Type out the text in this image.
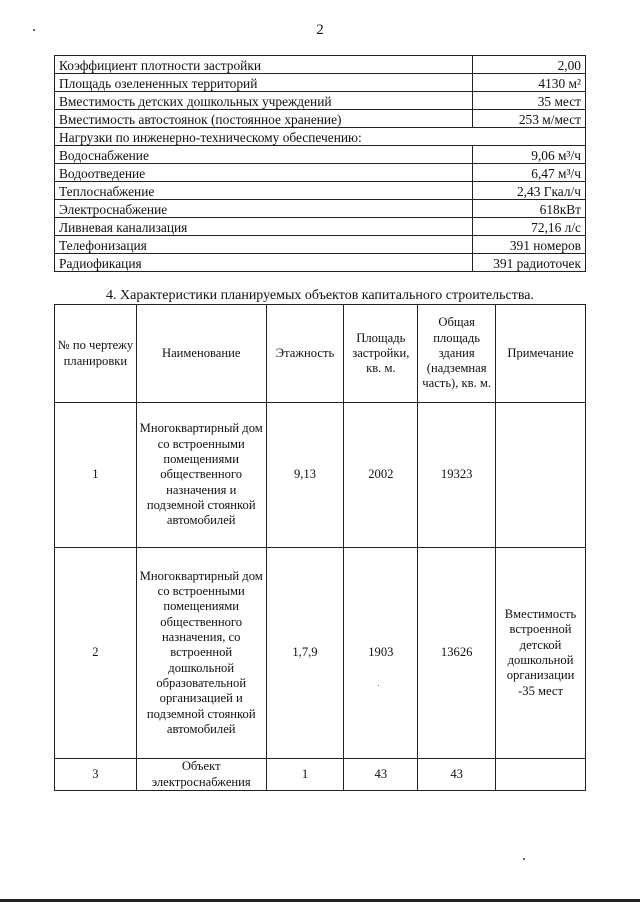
2
Коэффициент плотности застройки	2,00
Площадь озелененных территорий	4130 м²
Вместимость детских дошкольных учреждений	35 мест
Вместимость автостоянок (постоянное хранение)	253 м/мест
Нагрузки по инженерно-техническому обеспечению:	
Водоснабжение	9,06 м³/ч
Водоотведение	6,47 м³/ч
Теплоснабжение	2,43 Гкал/ч
Электроснабжение	618кВт
Ливневая канализация	72,16 л/с
Телефонизация	391 номеров
Радиофикация	391 радиоточек
4. Характеристики планируемых объектов капитального строительства.
№ по чертежу планировки	Наименование	Этажность	Площадь застройки, кв. м.	Общая площадь здания (надземная часть), кв. м.	Примечание
1	Многоквартирный дом со встроенными помещениями общественного назначения и подземной стоянкой автомобилей	9,13	2002	19323	
2	Многоквартирный дом со встроенными помещениями общественного назначения, со встроенной дошкольной образовательной организацией и подземной стоянкой автомобилей	1,7,9	1903	13626	Вместимость встроенной детской дошкольной организации -35 мест
3	Объект электроснабжения	1	43	43	
